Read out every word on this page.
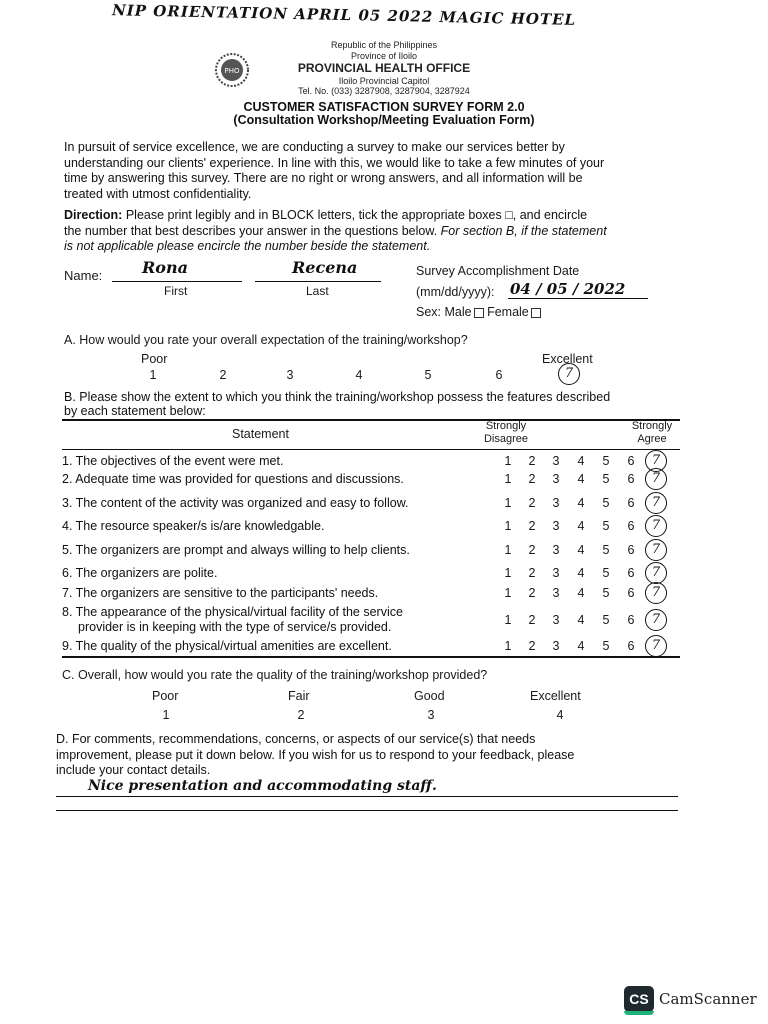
NIP ORIENTATION APRIL 05 2022 MAGIC HOTEL
PHO
Republic of the Philippines
Province of Iloilo
PROVINCIAL HEALTH OFFICE
Iloilo Provincial Capitol
Tel. No. (033) 3287908, 3287904, 3287924
CUSTOMER SATISFACTION SURVEY FORM 2.0
(Consultation Workshop/Meeting Evaluation Form)
In pursuit of service excellence, we are conducting a survey to make our services better by
understanding our clients' experience. In line with this, we would like to take a few minutes of your
time by answering this survey. There are no right or wrong answers, and all information will be
treated with utmost confidentiality.
Direction: Please print legibly and in BLOCK letters, tick the appropriate boxes □, and encircle
the number that best describes your answer in the questions below. For section B, if the statement
is not applicable please encircle the number beside the statement.
Name: Rona
First
Recena
Last
Survey Accomplishment Date
(mm/dd/yyyy): 04 / 05 / 2022
Sex: Male Female
A. How would you rate your overall expectation of the training/workshop?
Poor	Excellent
1	2	3	4	5	6	7
B. Please show the extent to which you think the training/workshop possess the features described
by each statement below:
Statement
Strongly
Disagree
Strongly
Agree
1. The objectives of the event were met.	1 2 3 4 5 6	7
2. Adequate time was provided for questions and discussions.	1 2 3 4 5 6	7
3. The content of the activity was organized and easy to follow.	1 2 3 4 5 6	7
4. The resource speaker/s is/are knowledgable.	1 2 3 4 5 6	7
5. The organizers are prompt and always willing to help clients.	1 2 3 4 5 6	7
6. The organizers are polite.	1 2 3 4 5 6	7
7. The organizers are sensitive to the participants' needs.	1 2 3 4 5 6	7
8. The appearance of the physical/virtual facility of the service
provider is in keeping with the type of service/s provided.	1 2 3 4 5 6	7
9. The quality of the physical/virtual amenities are excellent.	1 2 3 4 5 6	7
C. Overall, how would you rate the quality of the training/workshop provided?
Poor	Fair	Good	Excellent
1	2	3	4
D. For comments, recommendations, concerns, or aspects of our service(s) that needs
improvement, please put it down below. If you wish for us to respond to your feedback, please
include your contact details.
Nice presentation and accommodating staff.
CS CamScanner
